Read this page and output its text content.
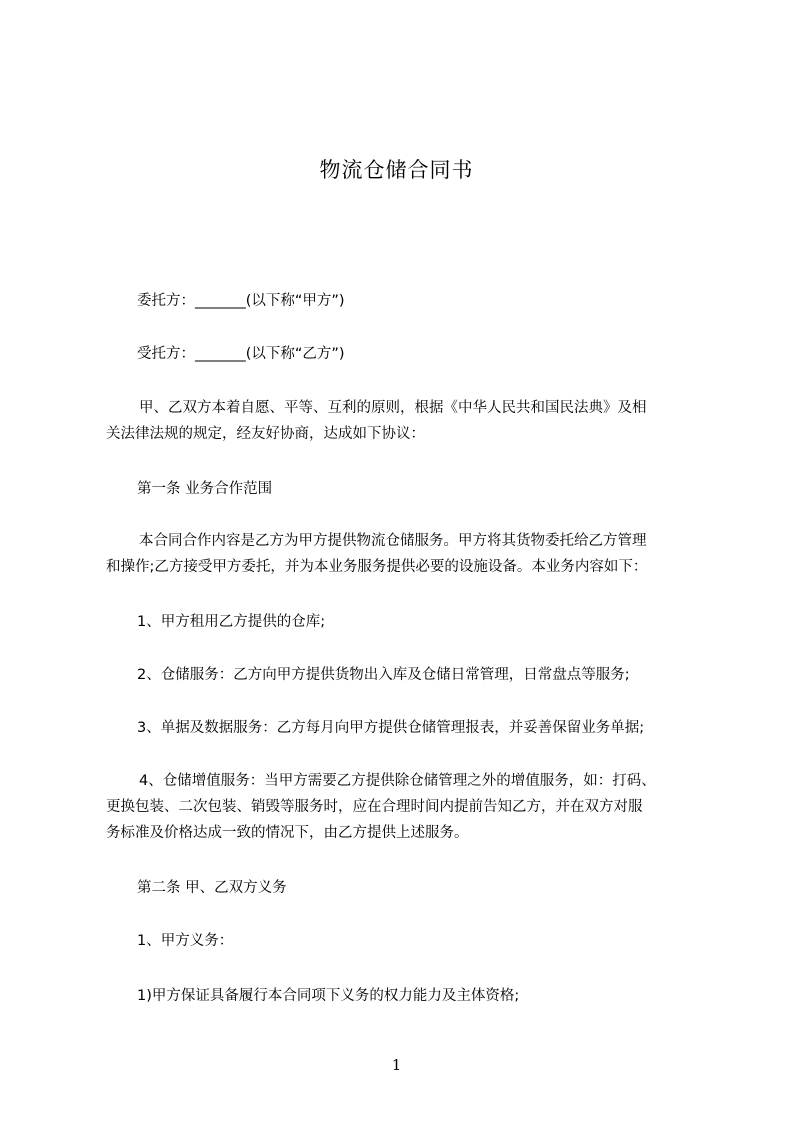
物流仓储合同书

委托方：_______(以下称“甲方”)

受托方：_______(以下称“乙方”)

甲、乙双方本着自愿、平等、互利的原则，根据《中华人民共和国民法典》及相
关法律法规的规定，经友好协商，达成如下协议：

第一条 业务合作范围

本合同合作内容是乙方为甲方提供物流仓储服务。甲方将其货物委托给乙方管理
和操作;乙方接受甲方委托，并为本业务服务提供必要的设施设备。本业务内容如下：

1、甲方租用乙方提供的仓库;

2、仓储服务：乙方向甲方提供货物出入库及仓储日常管理，日常盘点等服务;

3、单据及数据服务：乙方每月向甲方提供仓储管理报表，并妥善保留业务单据;

4、仓储增值服务：当甲方需要乙方提供除仓储管理之外的增值服务，如：打码、
更换包装、二次包装、销毁等服务时，应在合理时间内提前告知乙方，并在双方对服
务标准及价格达成一致的情况下，由乙方提供上述服务。

第二条 甲、乙双方义务

1、甲方义务：

1)甲方保证具备履行本合同项下义务的权力能力及主体资格;

1
